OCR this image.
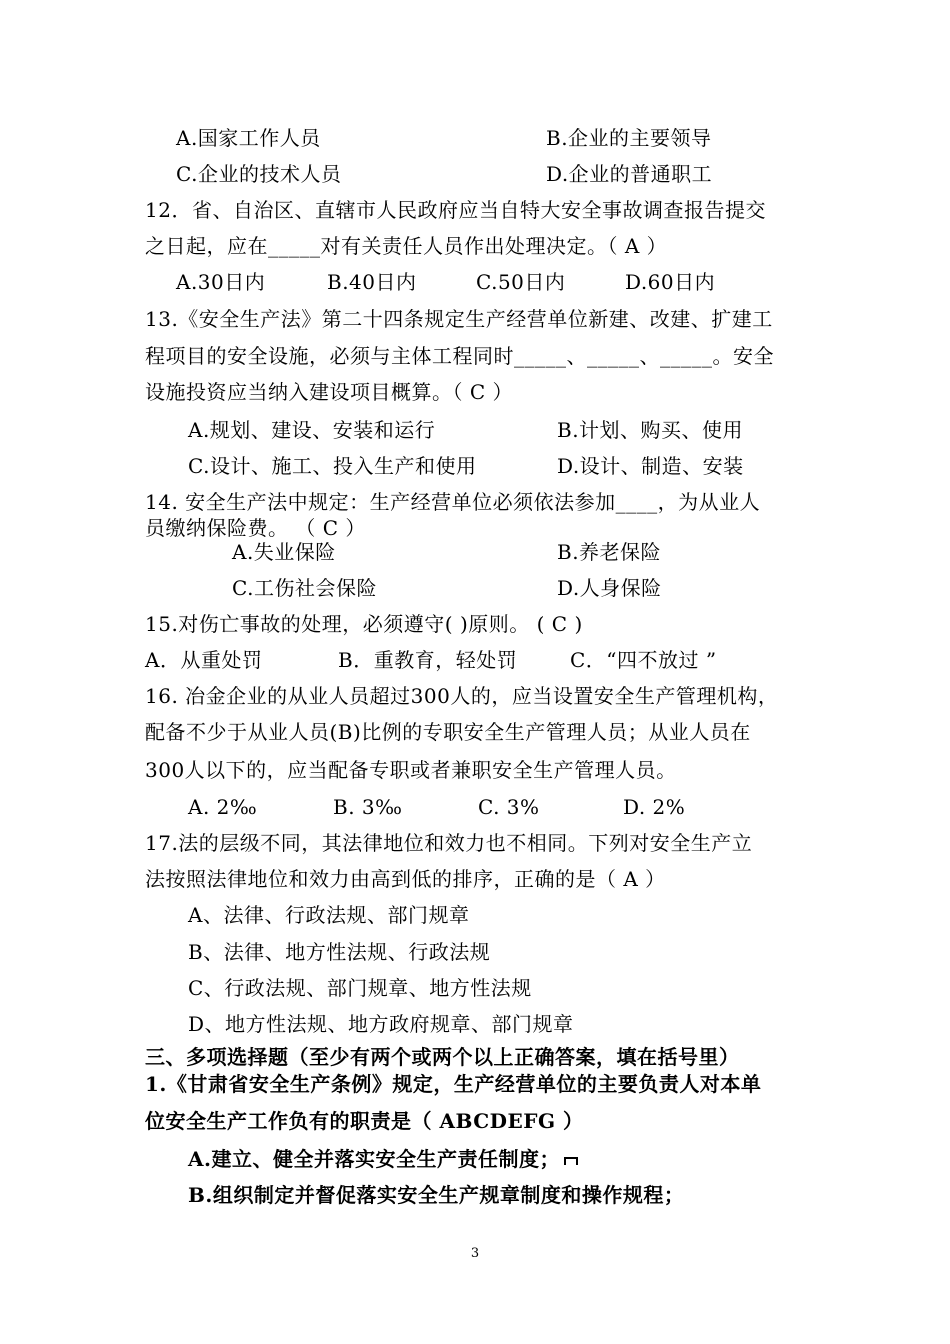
A.国家工作人员	B.企业的主要领导
C.企业的技术人员	D.企业的普通职工
12．省、自治区、直辖市人民政府应当自特大安全事故调查报告提交
之日起，应在_____对有关责任人员作出处理决定。（ A ）
A.30日内	B.40日内	C.50日内	D.60日内
13.《安全生产法》第二十四条规定生产经营单位新建、改建、扩建工
程项目的安全设施，必须与主体工程同时_____、_____、_____。安全
设施投资应当纳入建设项目概算。（ C ）
A.规划、建设、安装和运行	B.计划、购买、使用
C.设计、施工、投入生产和使用	D.设计、制造、安装
14. 安全生产法中规定：生产经营单位必须依法参加____，为从业人
员缴纳保险费。 （ C ）
A.失业保险	B.养老保险
C.工伤社会保险	D.人身保险
15.对伤亡事故的处理，必须遵守( )原则。 ( C )
A．从重处罚	B．重教育，轻处罚	C．“四不放过 ”
16. 冶金企业的从业人员超过300人的，应当设置安全生产管理机构，
配备不少于从业人员(B)比例的专职安全生产管理人员；从业人员在
300人以下的，应当配备专职或者兼职安全生产管理人员。
A. 2‰	B. 3‰	C. 3%	D. 2%
17.法的层级不同，其法律地位和效力也不相同。下列对安全生产立
法按照法律地位和效力由高到低的排序，正确的是（ A ）
A、法律、行政法规、部门规章
B、法律、地方性法规、行政法规
C、行政法规、部门规章、地方性法规
D、地方性法规、地方政府规章、部门规章
三、多项选择题（至少有两个或两个以上正确答案，填在括号里）
1.《甘肃省安全生产条例》规定，生产经营单位的主要负责人对本单
位安全生产工作负有的职责是（ ABCDEFG ）
A.建立、健全并落实安全生产责任制度；
B.组织制定并督促落实安全生产规章制度和操作规程；
3
